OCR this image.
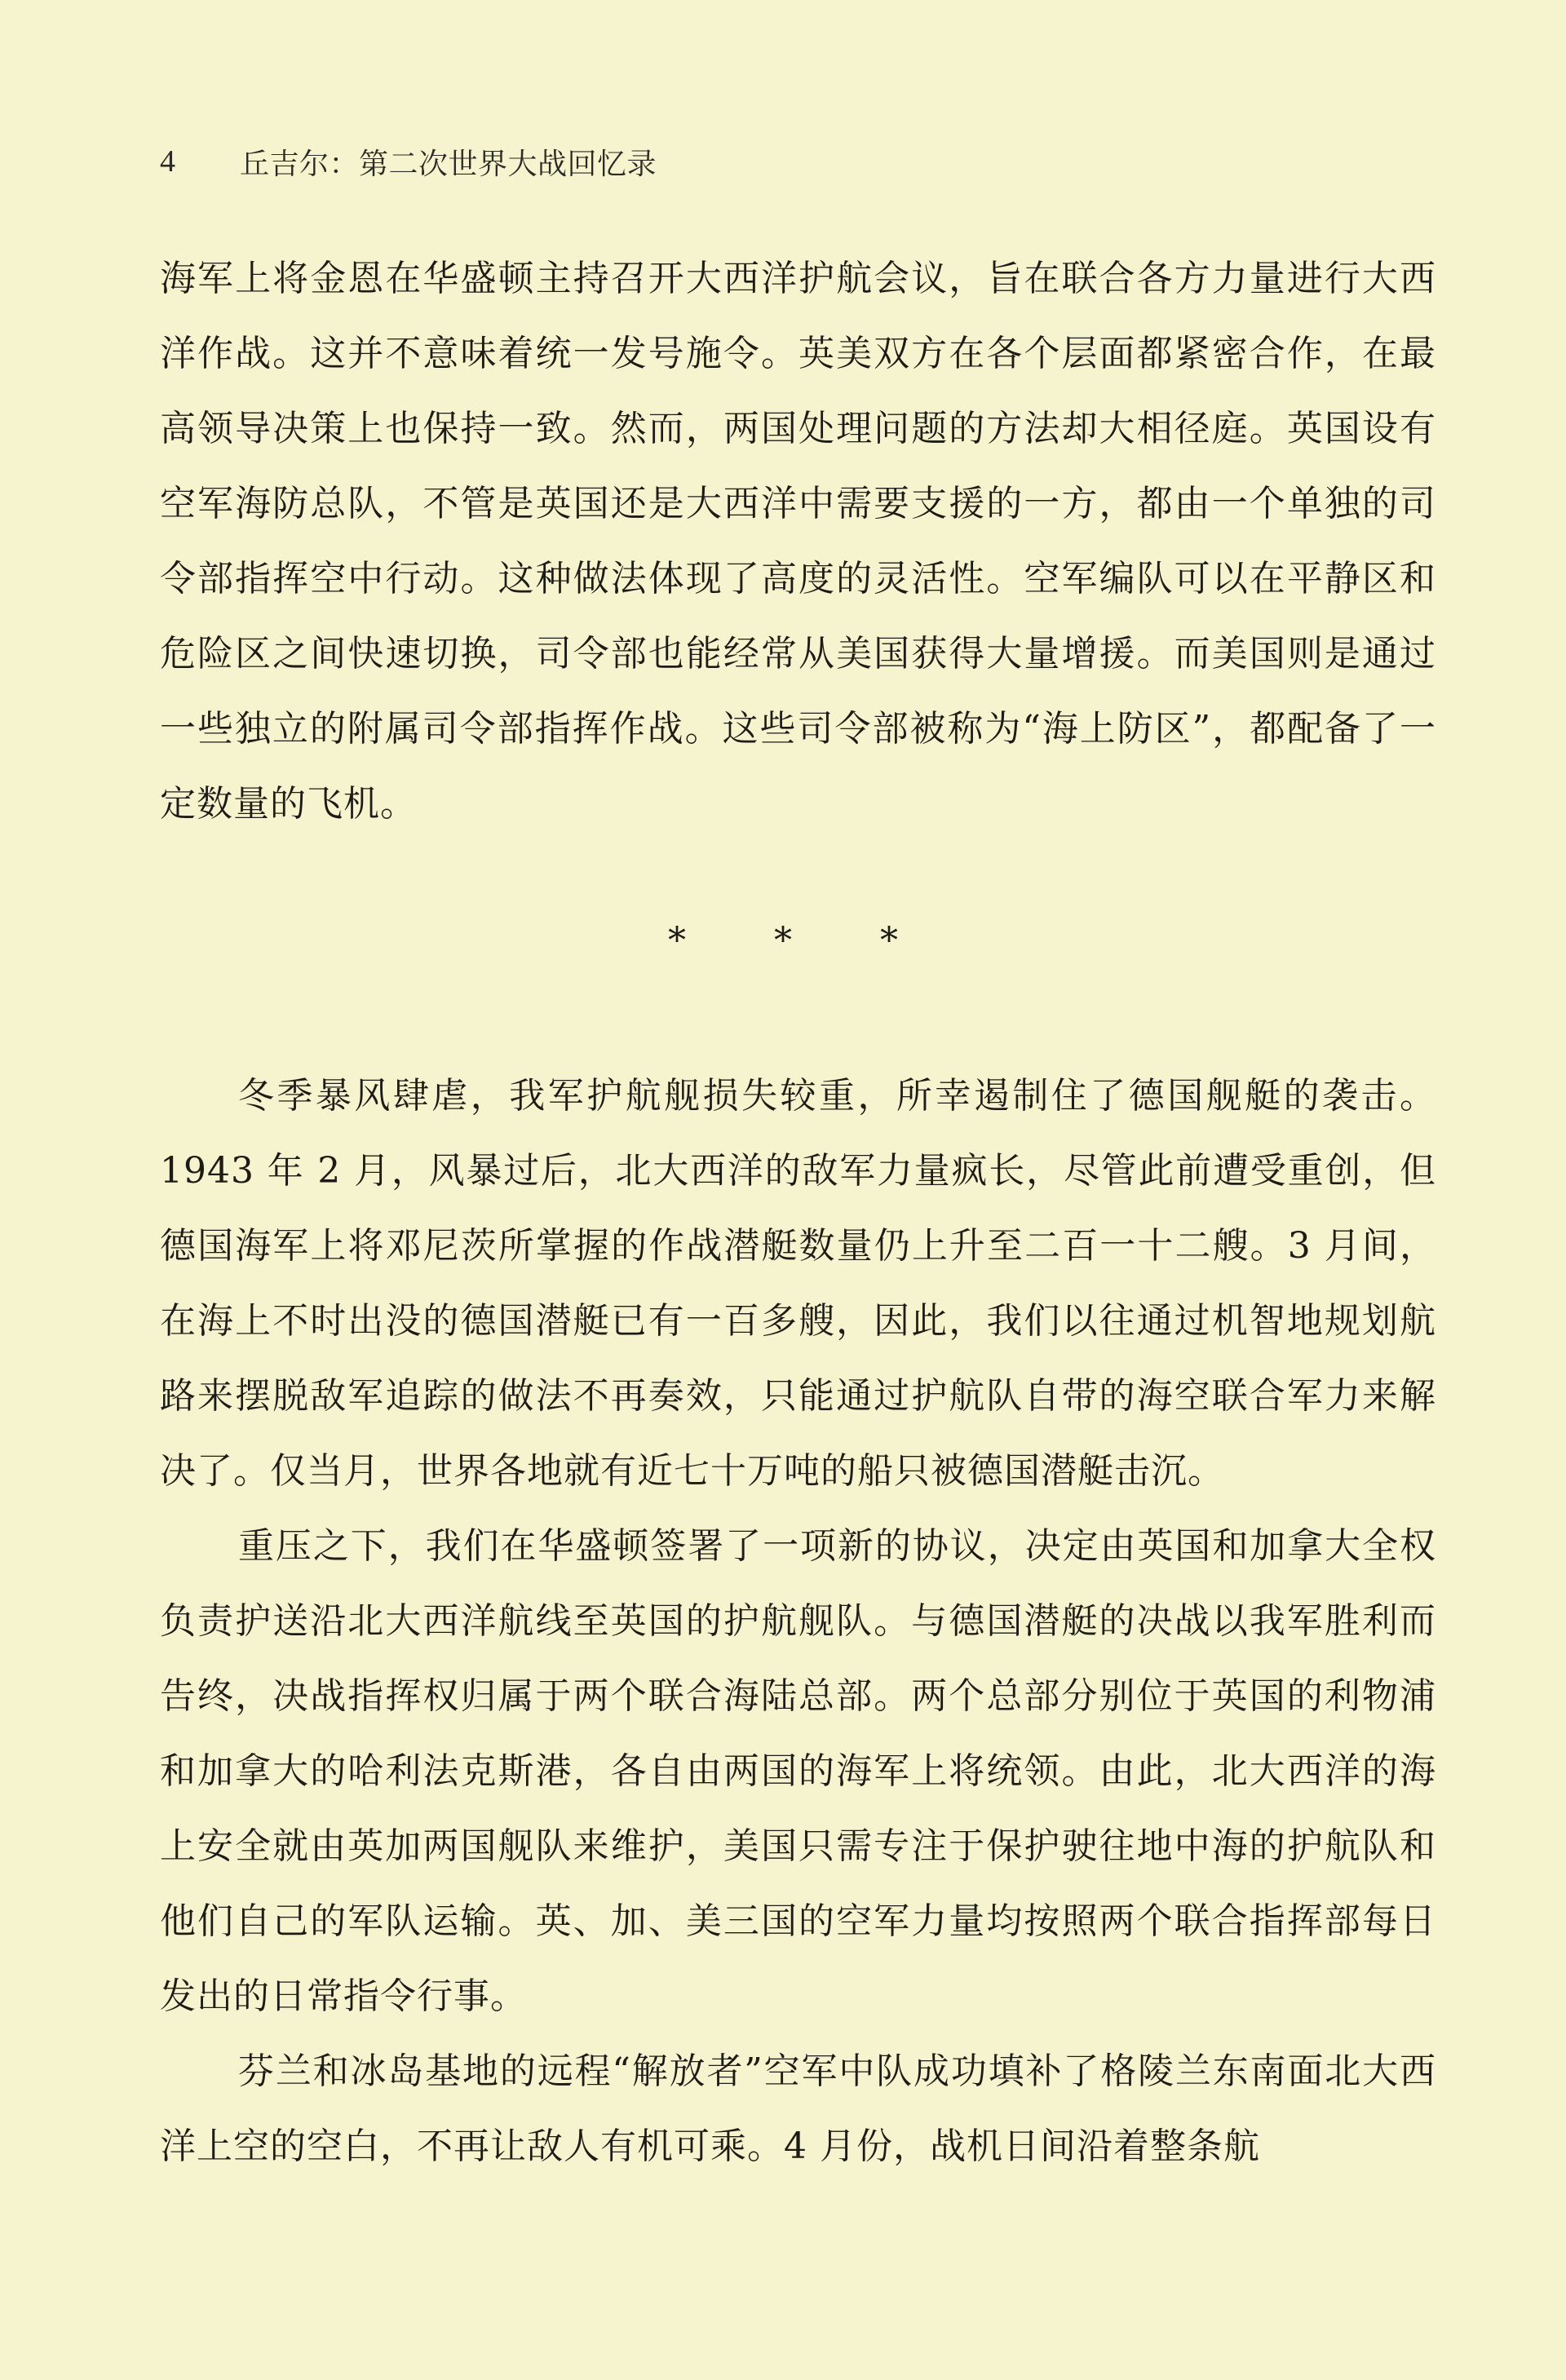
4	丘吉尔：第二次世界大战回忆录

海军上将金恩在华盛顿主持召开大西洋护航会议，旨在联合各方力量进行大西洋作战。这并不意味着统一发号施令。英美双方在各个层面都紧密合作，在最高领导决策上也保持一致。然而，两国处理问题的方法却大相径庭。英国设有空军海防总队，不管是英国还是大西洋中需要支援的一方，都由一个单独的司令部指挥空中行动。这种做法体现了高度的灵活性。空军编队可以在平静区和危险区之间快速切换，司令部也能经常从美国获得大量增援。而美国则是通过一些独立的附属司令部指挥作战。这些司令部被称为“海上防区”，都配备了一定数量的飞机。

* * *

冬季暴风肆虐，我军护航舰损失较重，所幸遏制住了德国舰艇的袭击。1943 年 2 月，风暴过后，北大西洋的敌军力量疯长，尽管此前遭受重创，但德国海军上将邓尼茨所掌握的作战潜艇数量仍上升至二百一十二艘。3 月间，在海上不时出没的德国潜艇已有一百多艘，因此，我们以往通过机智地规划航路来摆脱敌军追踪的做法不再奏效，只能通过护航队自带的海空联合军力来解决了。仅当月，世界各地就有近七十万吨的船只被德国潜艇击沉。

重压之下，我们在华盛顿签署了一项新的协议，决定由英国和加拿大全权负责护送沿北大西洋航线至英国的护航舰队。与德国潜艇的决战以我军胜利而告终，决战指挥权归属于两个联合海陆总部。两个总部分别位于英国的利物浦和加拿大的哈利法克斯港，各自由两国的海军上将统领。由此，北大西洋的海上安全就由英加两国舰队来维护，美国只需专注于保护驶往地中海的护航队和他们自己的军队运输。英、加、美三国的空军力量均按照两个联合指挥部每日发出的日常指令行事。

芬兰和冰岛基地的远程“解放者”空军中队成功填补了格陵兰东南面北大西洋上空的空白，不再让敌人有机可乘。4 月份，战机日间沿着整条航
